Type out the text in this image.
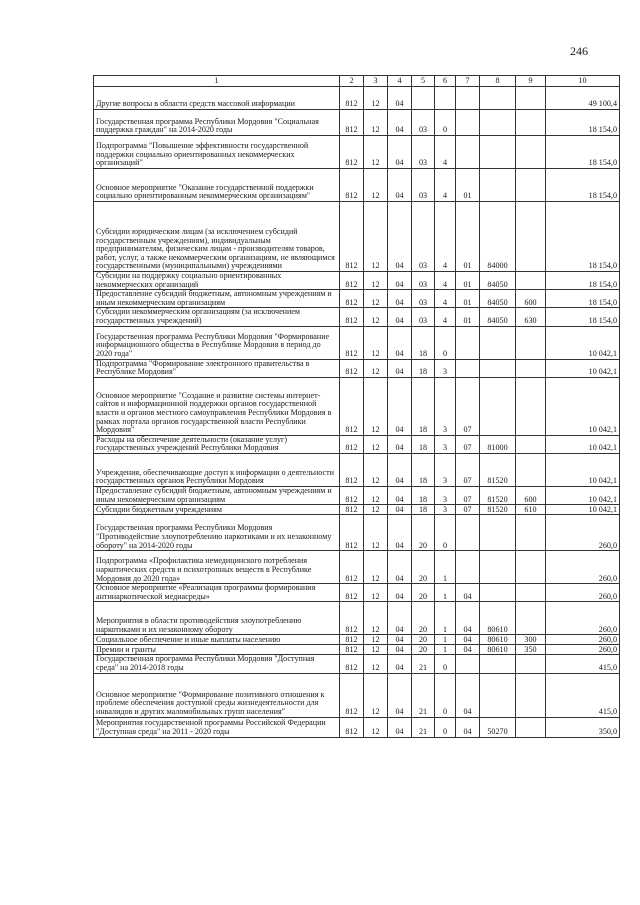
246
1	2	3	4	5	6	7	8	9	10
Другие вопросы в области средств массовой информации	812	12	04						49 100,4
Государственная программа Республики Мордовия "Социальная поддержка граждан" на 2014-2020 годы	812	12	04	03	0				18 154,0
Подпрограмма "Повышение эффективности государственной поддержки социально ориентированных некоммерческих организаций"	812	12	04	03	4				18 154,0
Основное мероприятие "Оказание государственной поддержки социально ориентированным некоммерческим организациям"	812	12	04	03	4	01			18 154,0
Субсидии юридическим лицам (за исключением субсидий государственным учреждениям), индивидуальным предпринимателям, физическим лицам - производителям товаров, работ, услуг, а также некоммерческим организациям, не являющимся государственными (муниципальными) учреждениями	812	12	04	03	4	01	84000		18 154,0
Субсидии на поддержку социально ориентированных некоммерческих организаций	812	12	04	03	4	01	84050		18 154,0
Предоставление субсидий бюджетным, автономным учреждениям и иным некоммерческим организациям	812	12	04	03	4	01	84050	600	18 154,0
Субсидии некоммерческим организациям (за исключением государственных учреждений)	812	12	04	03	4	01	84050	630	18 154,0
Государственная программа Республики Мордовия "Формирование информационного общества в Республике Мордовия в период до 2020 года"	812	12	04	18	0				10 042,1
Подпрограмма "Формирование электронного правительства в Республике Мордовия"	812	12	04	18	3				10 042,1
Основное мероприятие "Создание и развитие системы интернет-сайтов и информационной поддержки органов государственной власти и органов местного самоуправления Республики Мордовия в рамках портала органов государственной власти Республики Мордовия"	812	12	04	18	3	07			10 042,1
Расходы на обеспечение деятельности (оказание услуг) государственных учреждений Республики Мордовия	812	12	04	18	3	07	81000		10 042,1
Учреждения, обеспечивающие доступ к информации о деятельности государственных органов Республики Мордовия	812	12	04	18	3	07	81520		10 042,1
Предоставление субсидий бюджетным, автономным учреждениям и иным некоммерческим организациям	812	12	04	18	3	07	81520	600	10 042,1
Субсидии бюджетным учреждениям	812	12	04	18	3	07	81520	610	10 042,1
Государственная программа Республики Мордовия "Противодействие злоупотреблению наркотиками и их незаконному обороту" на 2014-2020 годы	812	12	04	20	0				260,0
Подпрограмма «Профилактика немедицинского потребления наркотических средств и психотропных веществ в Республике Мордовия до 2020 года»	812	12	04	20	1				260,0
Основное мероприятие «Реализация программы формирования антинаркотической медиасреды»	812	12	04	20	1	04			260,0
Мероприятия в области противодействия злоупотреблению наркотиками и их незаконному обороту	812	12	04	20	1	04	80610		260,0
Социальное обеспечение и иные выплаты населению	812	12	04	20	1	04	80610	300	260,0
Премии и гранты	812	12	04	20	1	04	80610	350	260,0
Государственная программа Республики Мордовия "Доступная среда" на 2014-2018 годы	812	12	04	21	0				415,0
Основное мероприятие "Формирование позитивного отношения к проблеме обеспечения доступной среды жизнедеятельности для инвалидов и других маломобильных групп населения"	812	12	04	21	0	04			415,0
Мероприятия государственной программы Российской Федерации "Доступная среда" на 2011 - 2020 годы	812	12	04	21	0	04	50270		350,0
